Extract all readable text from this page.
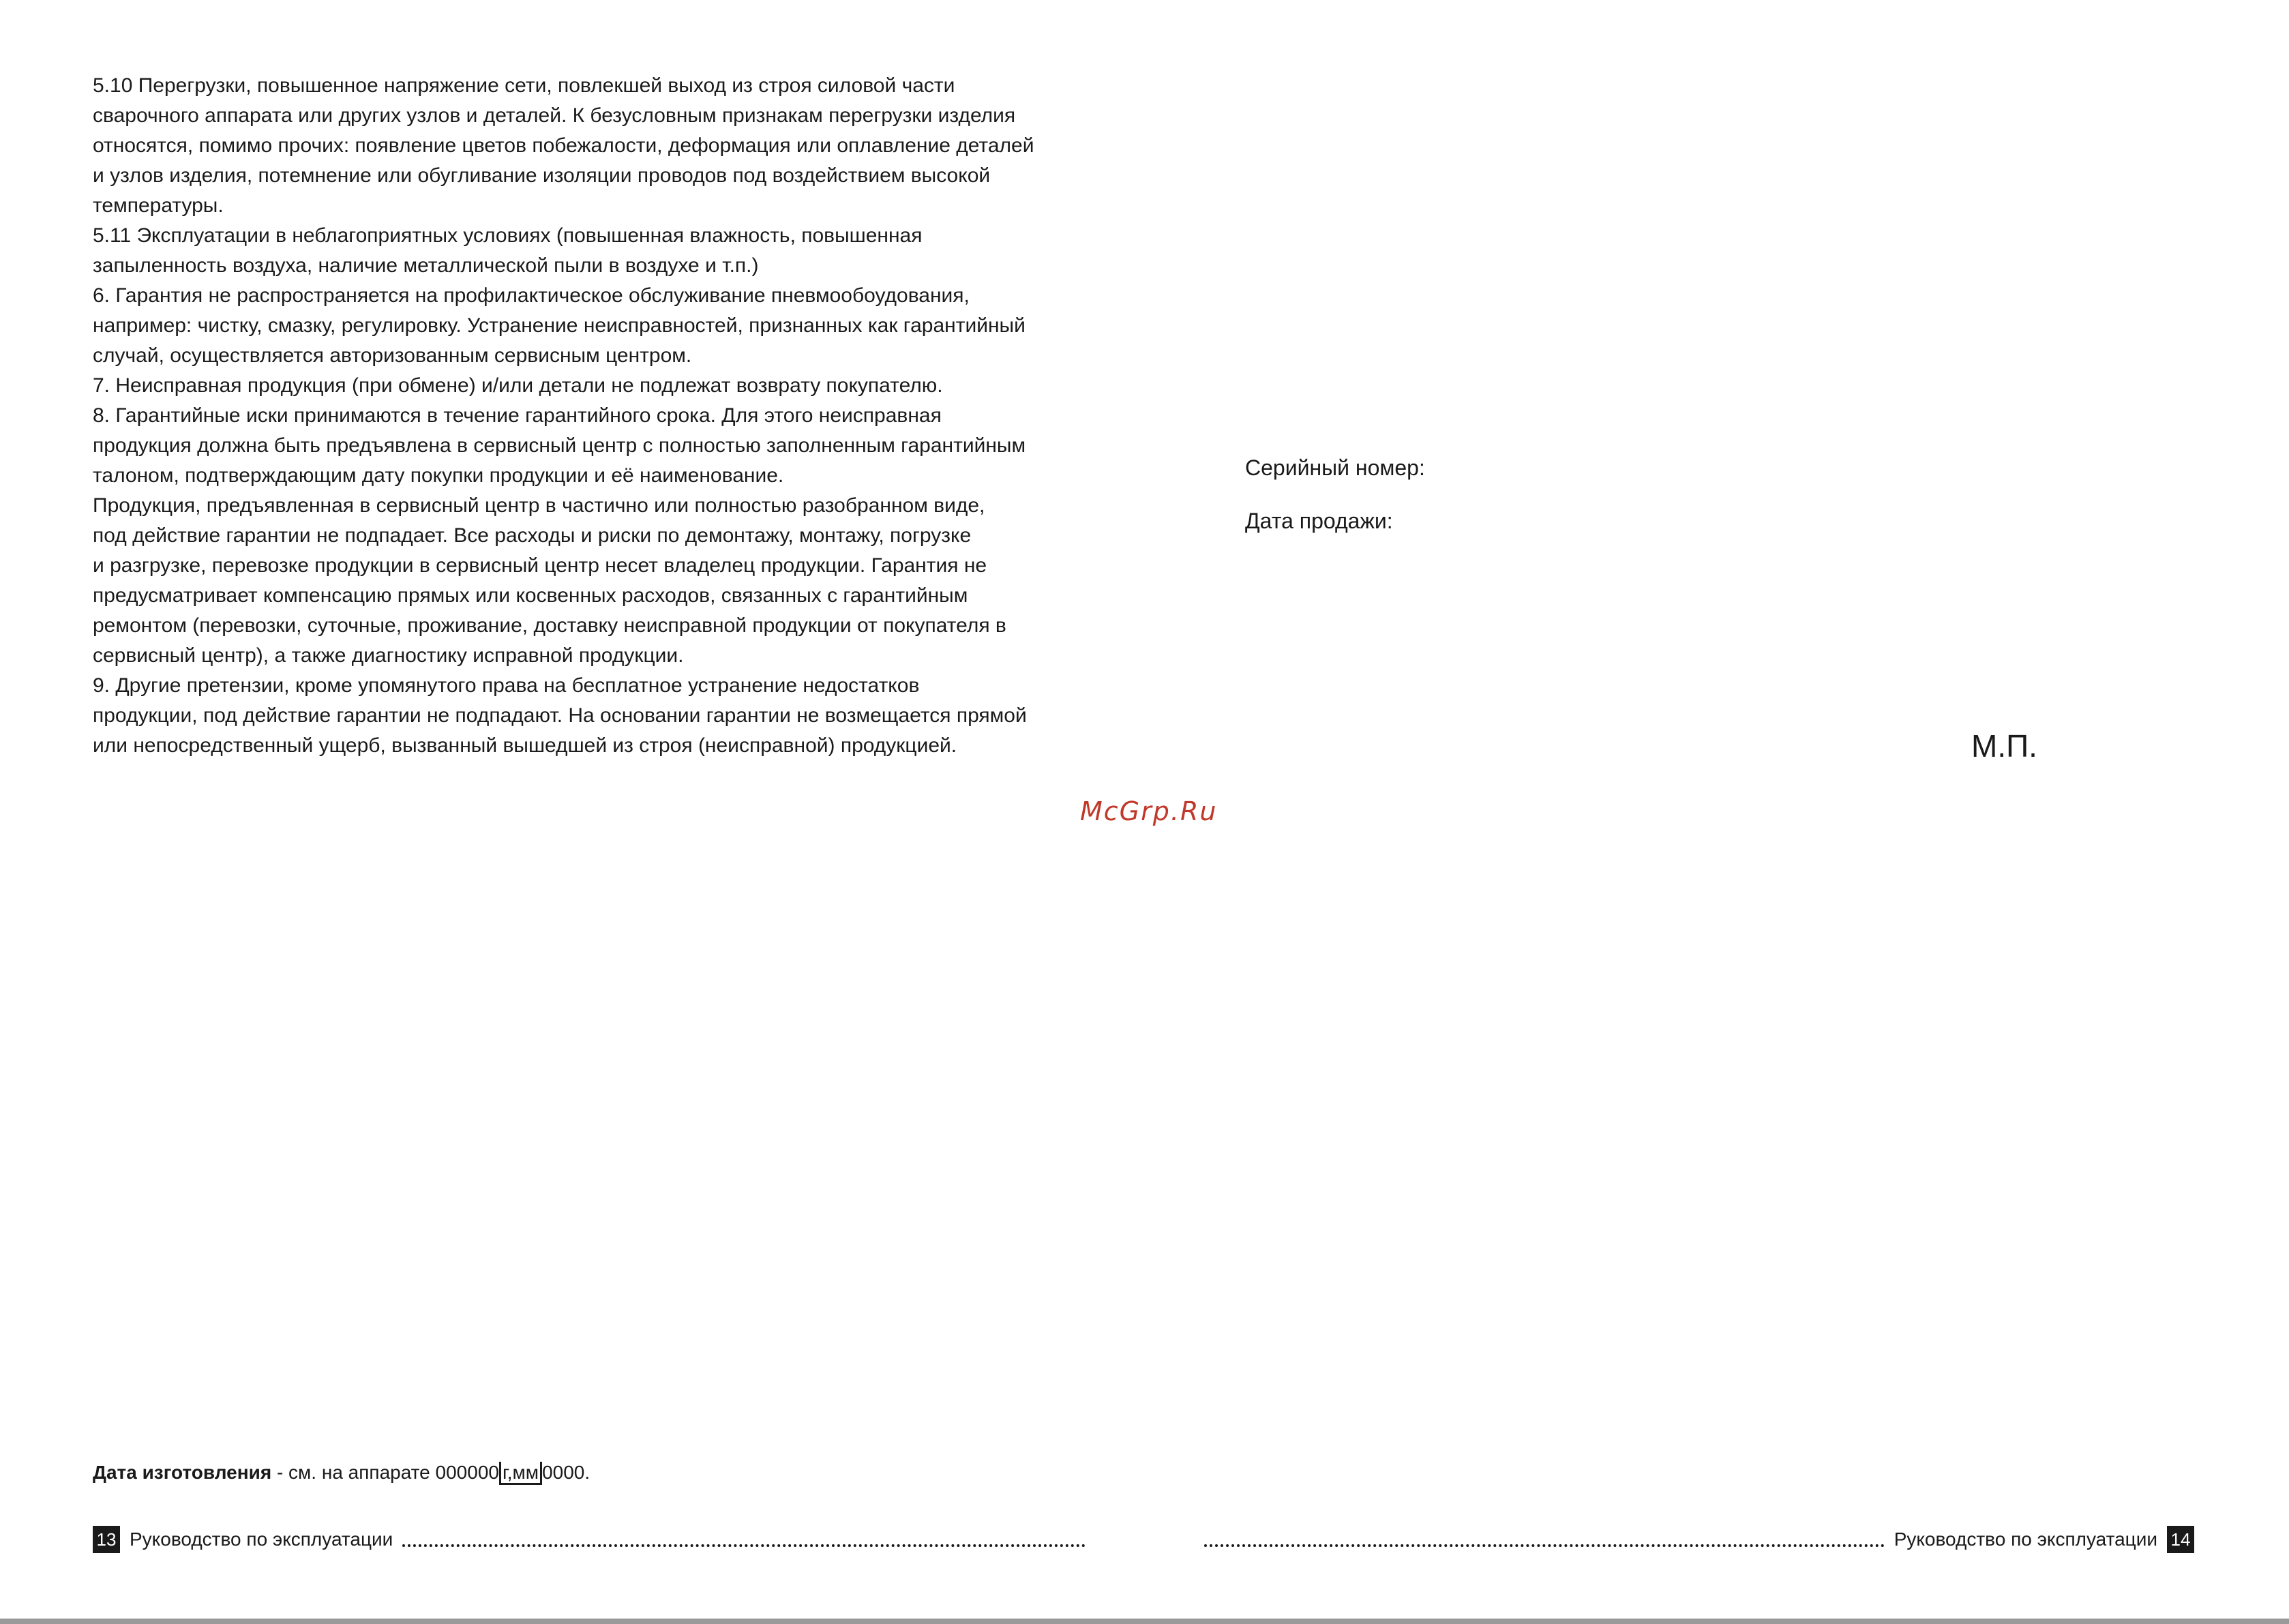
5.10 Перегрузки, повышенное напряжение сети, повлекшей выход из строя силовой части
сварочного аппарата или других узлов и деталей. К безусловным признакам перегрузки изделия
относятся, помимо прочих: появление цветов побежалости, деформация или оплавление деталей
и узлов изделия, потемнение или обугливание изоляции проводов под воздействием высокой
температуры.

5.11 Эксплуатации в неблагоприятных условиях (повышенная влажность, повышенная
запыленность воздуха, наличие металлической пыли в воздухе и т.п.)

6. Гарантия не распространяется на профилактическое обслуживание пневмообоудования,
например: чистку, смазку, регулировку. Устранение неисправностей, признанных как гарантийный
случай, осуществляется авторизованным сервисным центром.

7. Неисправная продукция (при обмене) и/или детали не подлежат возврату покупателю.

8. Гарантийные иски принимаются в течение гарантийного срока. Для этого неисправная
продукция должна быть предъявлена в сервисный центр с полностью заполненным гарантийным
талоном, подтверждающим дату покупки продукции и её наименование.

Продукция, предъявленная в сервисный центр в частично или полностью разобранном виде,
под действие гарантии не подпадает. Все расходы и риски по демонтажу, монтажу, погрузке
и разгрузке, перевозке продукции в сервисный центр несет владелец продукции. Гарантия не
предусматривает компенсацию прямых или косвенных расходов, связанных с гарантийным
ремонтом (перевозки, суточные, проживание, доставку неисправной продукции от покупателя в
сервисный центр), а также диагностику исправной продукции.

9. Другие претензии, кроме упомянутого права на бесплатное устранение недостатков
продукции, под действие гарантии не подпадают. На основании гарантии не возмещается прямой
или непосредственный ущерб, вызванный вышедшей из строя (неисправной) продукцией.

Серийный номер:
Дата продажи:
М.П.
McGrp.Ru
Дата изготовления - см. на аппарате 000000 г,мм 0000.
13 Руководство по эксплуатации	Руководство по эксплуатации 14
